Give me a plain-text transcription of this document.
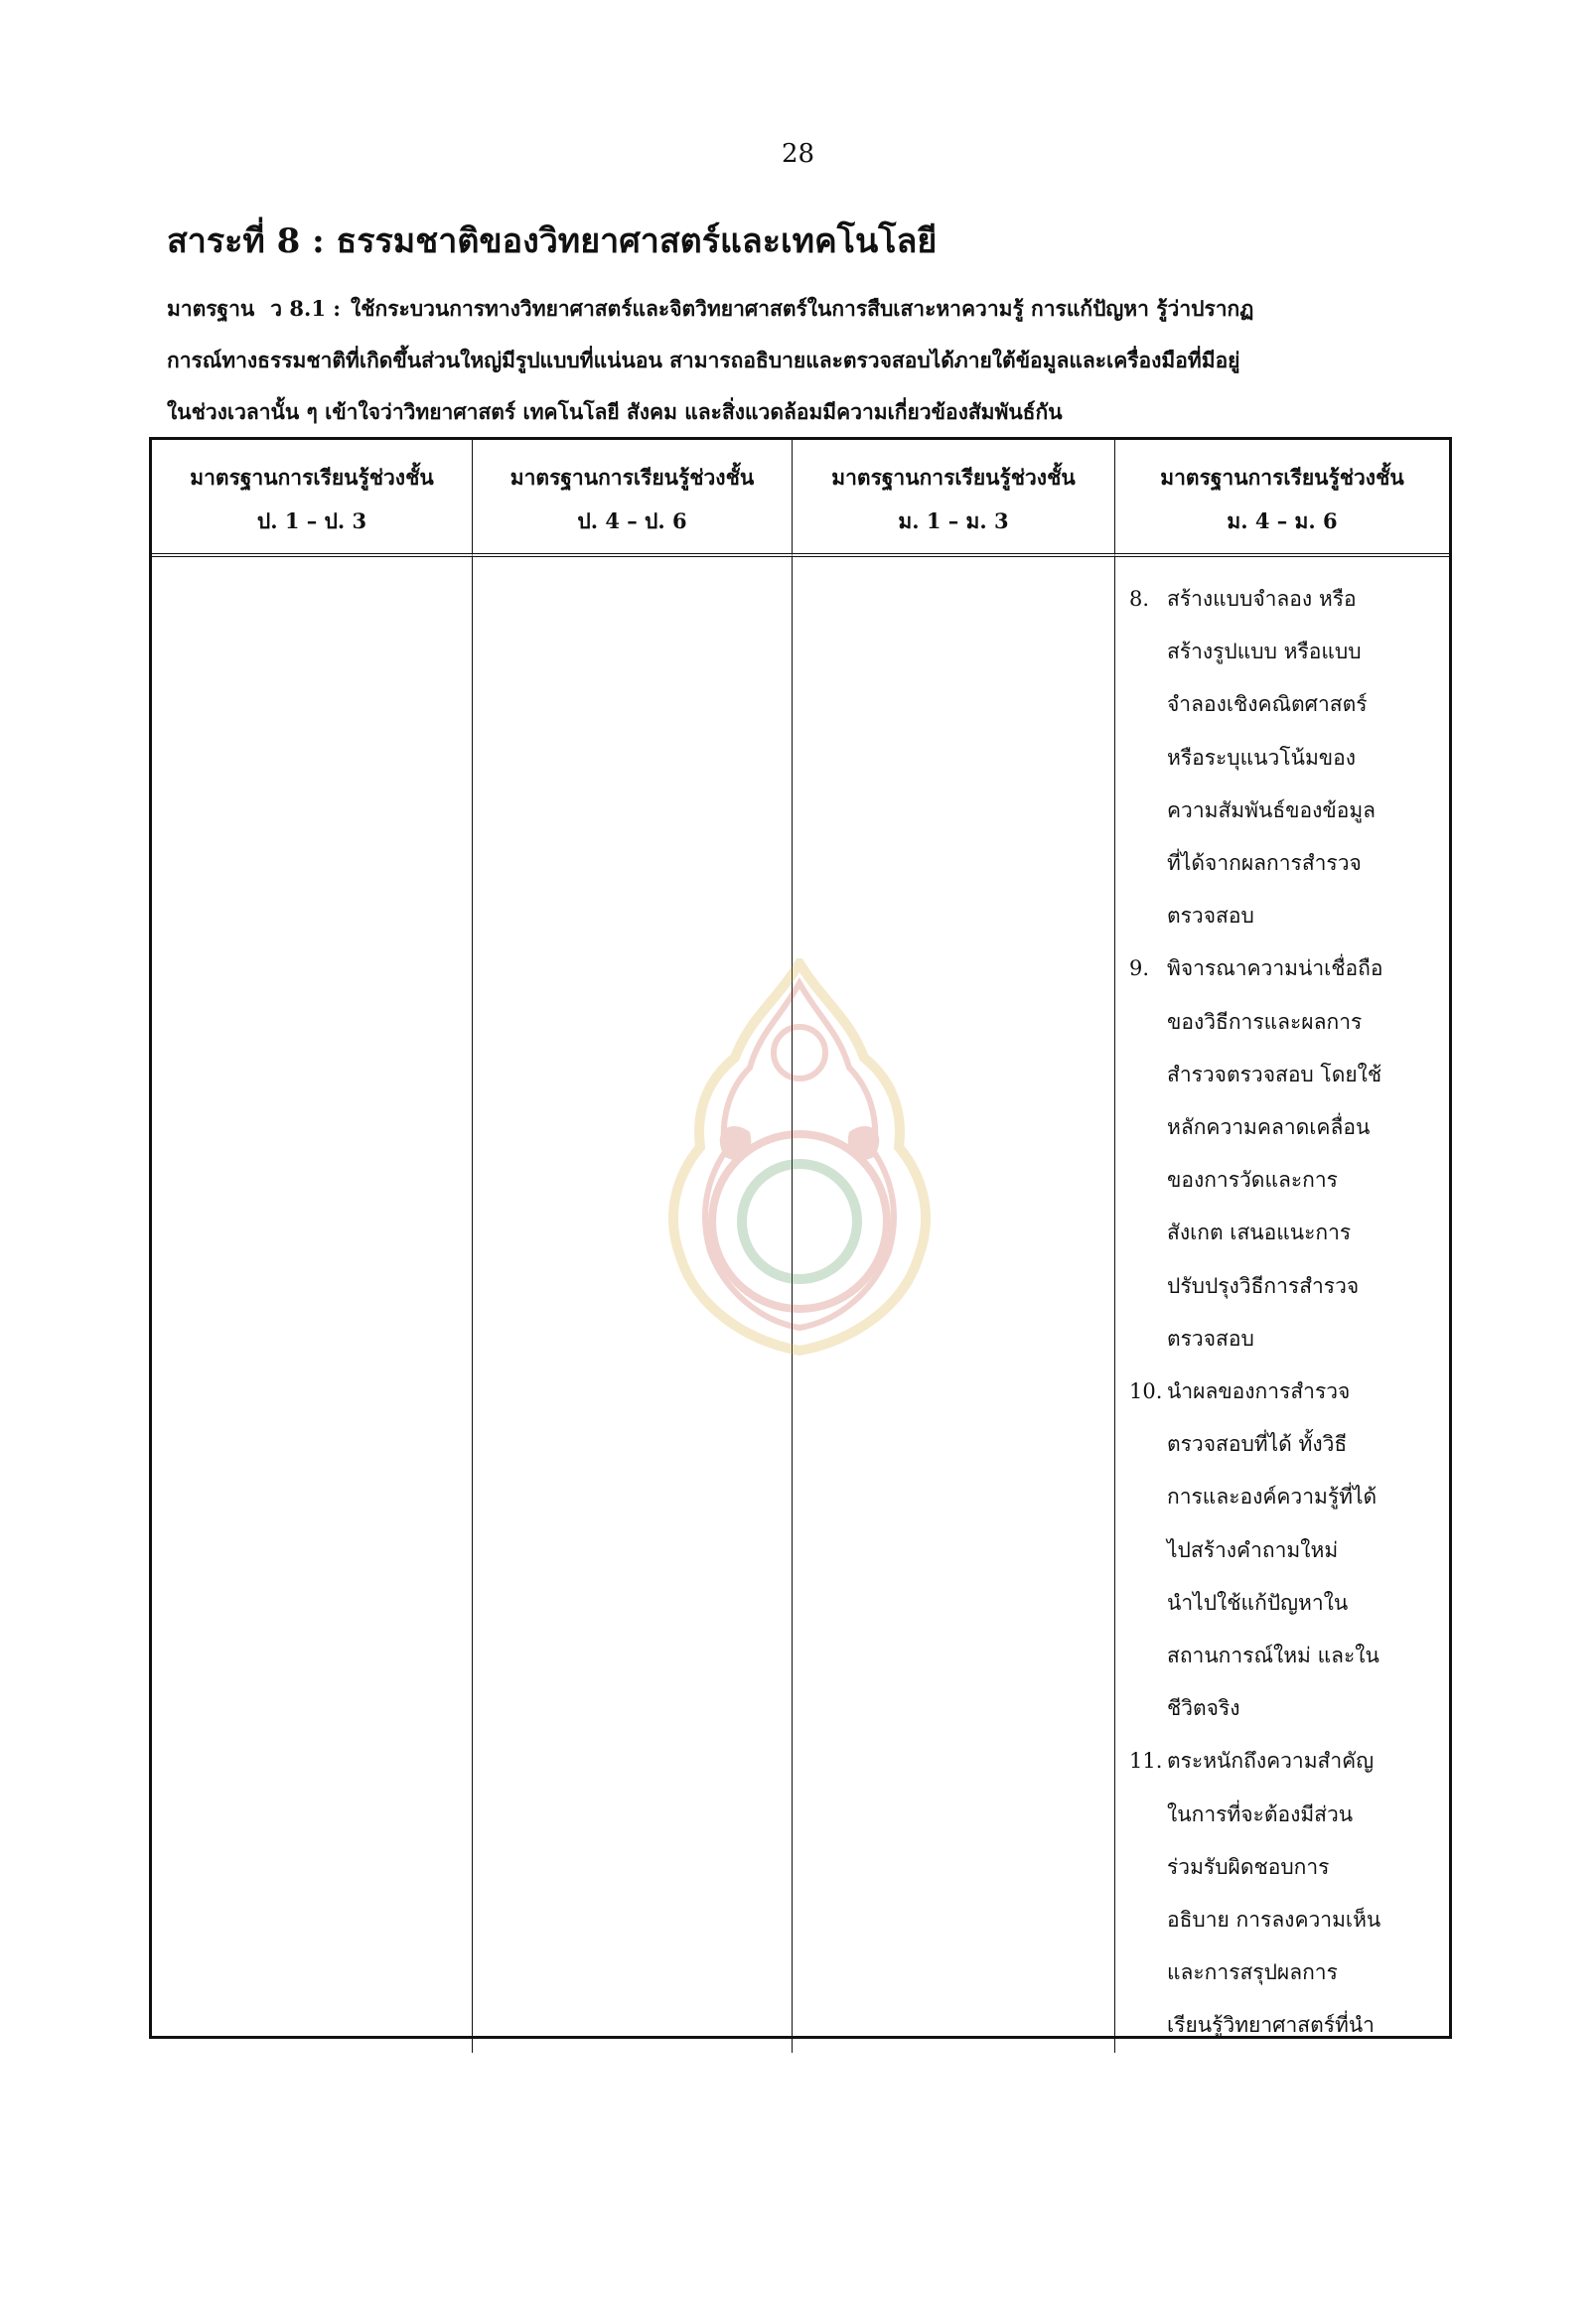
28
สาระที่ 8 : ธรรมชาติของวิทยาศาสตร์และเทคโนโลยี
มาตรฐาน ว 8.1 : ใช้กระบวนการทางวิทยาศาสตร์และจิตวิทยาศาสตร์ในการสืบเสาะหาความรู้ การแก้ปัญหา รู้ว่าปรากฏ
การณ์ทางธรรมชาติที่เกิดขึ้นส่วนใหญ่มีรูปแบบที่แน่นอน สามารถอธิบายและตรวจสอบได้ภายใต้ข้อมูลและเครื่องมือที่มีอยู่
ในช่วงเวลานั้น ๆ เข้าใจว่าวิทยาศาสตร์ เทคโนโลยี สังคม และสิ่งแวดล้อมมีความเกี่ยวข้องสัมพันธ์กัน
มาตรฐานการเรียนรู้ช่วงชั้น
ป. 1 – ป. 3
มาตรฐานการเรียนรู้ช่วงชั้น
ป. 4 – ป. 6
มาตรฐานการเรียนรู้ช่วงชั้น
ม. 1 – ม. 3
มาตรฐานการเรียนรู้ช่วงชั้น
ม. 4 – ม. 6
8. สร้างแบบจำลอง หรือ
สร้างรูปแบบ หรือแบบ
จำลองเชิงคณิตศาสตร์
หรือระบุแนวโน้มของ
ความสัมพันธ์ของข้อมูล
ที่ได้จากผลการสำรวจ
ตรวจสอบ
9. พิจารณาความน่าเชื่อถือ
ของวิธีการและผลการ
สำรวจตรวจสอบ โดยใช้
หลักความคลาดเคลื่อน
ของการวัดและการ
สังเกต เสนอแนะการ
ปรับปรุงวิธีการสำรวจ
ตรวจสอบ
10. นำผลของการสำรวจ
ตรวจสอบที่ได้ ทั้งวิธี
การและองค์ความรู้ที่ได้
ไปสร้างคำถามใหม่
นำไปใช้แก้ปัญหาใน
สถานการณ์ใหม่ และใน
ชีวิตจริง
11. ตระหนักถึงความสำคัญ
ในการที่จะต้องมีส่วน
ร่วมรับผิดชอบการ
อธิบาย การลงความเห็น
และการสรุปผลการ
เรียนรู้วิทยาศาสตร์ที่นำ
